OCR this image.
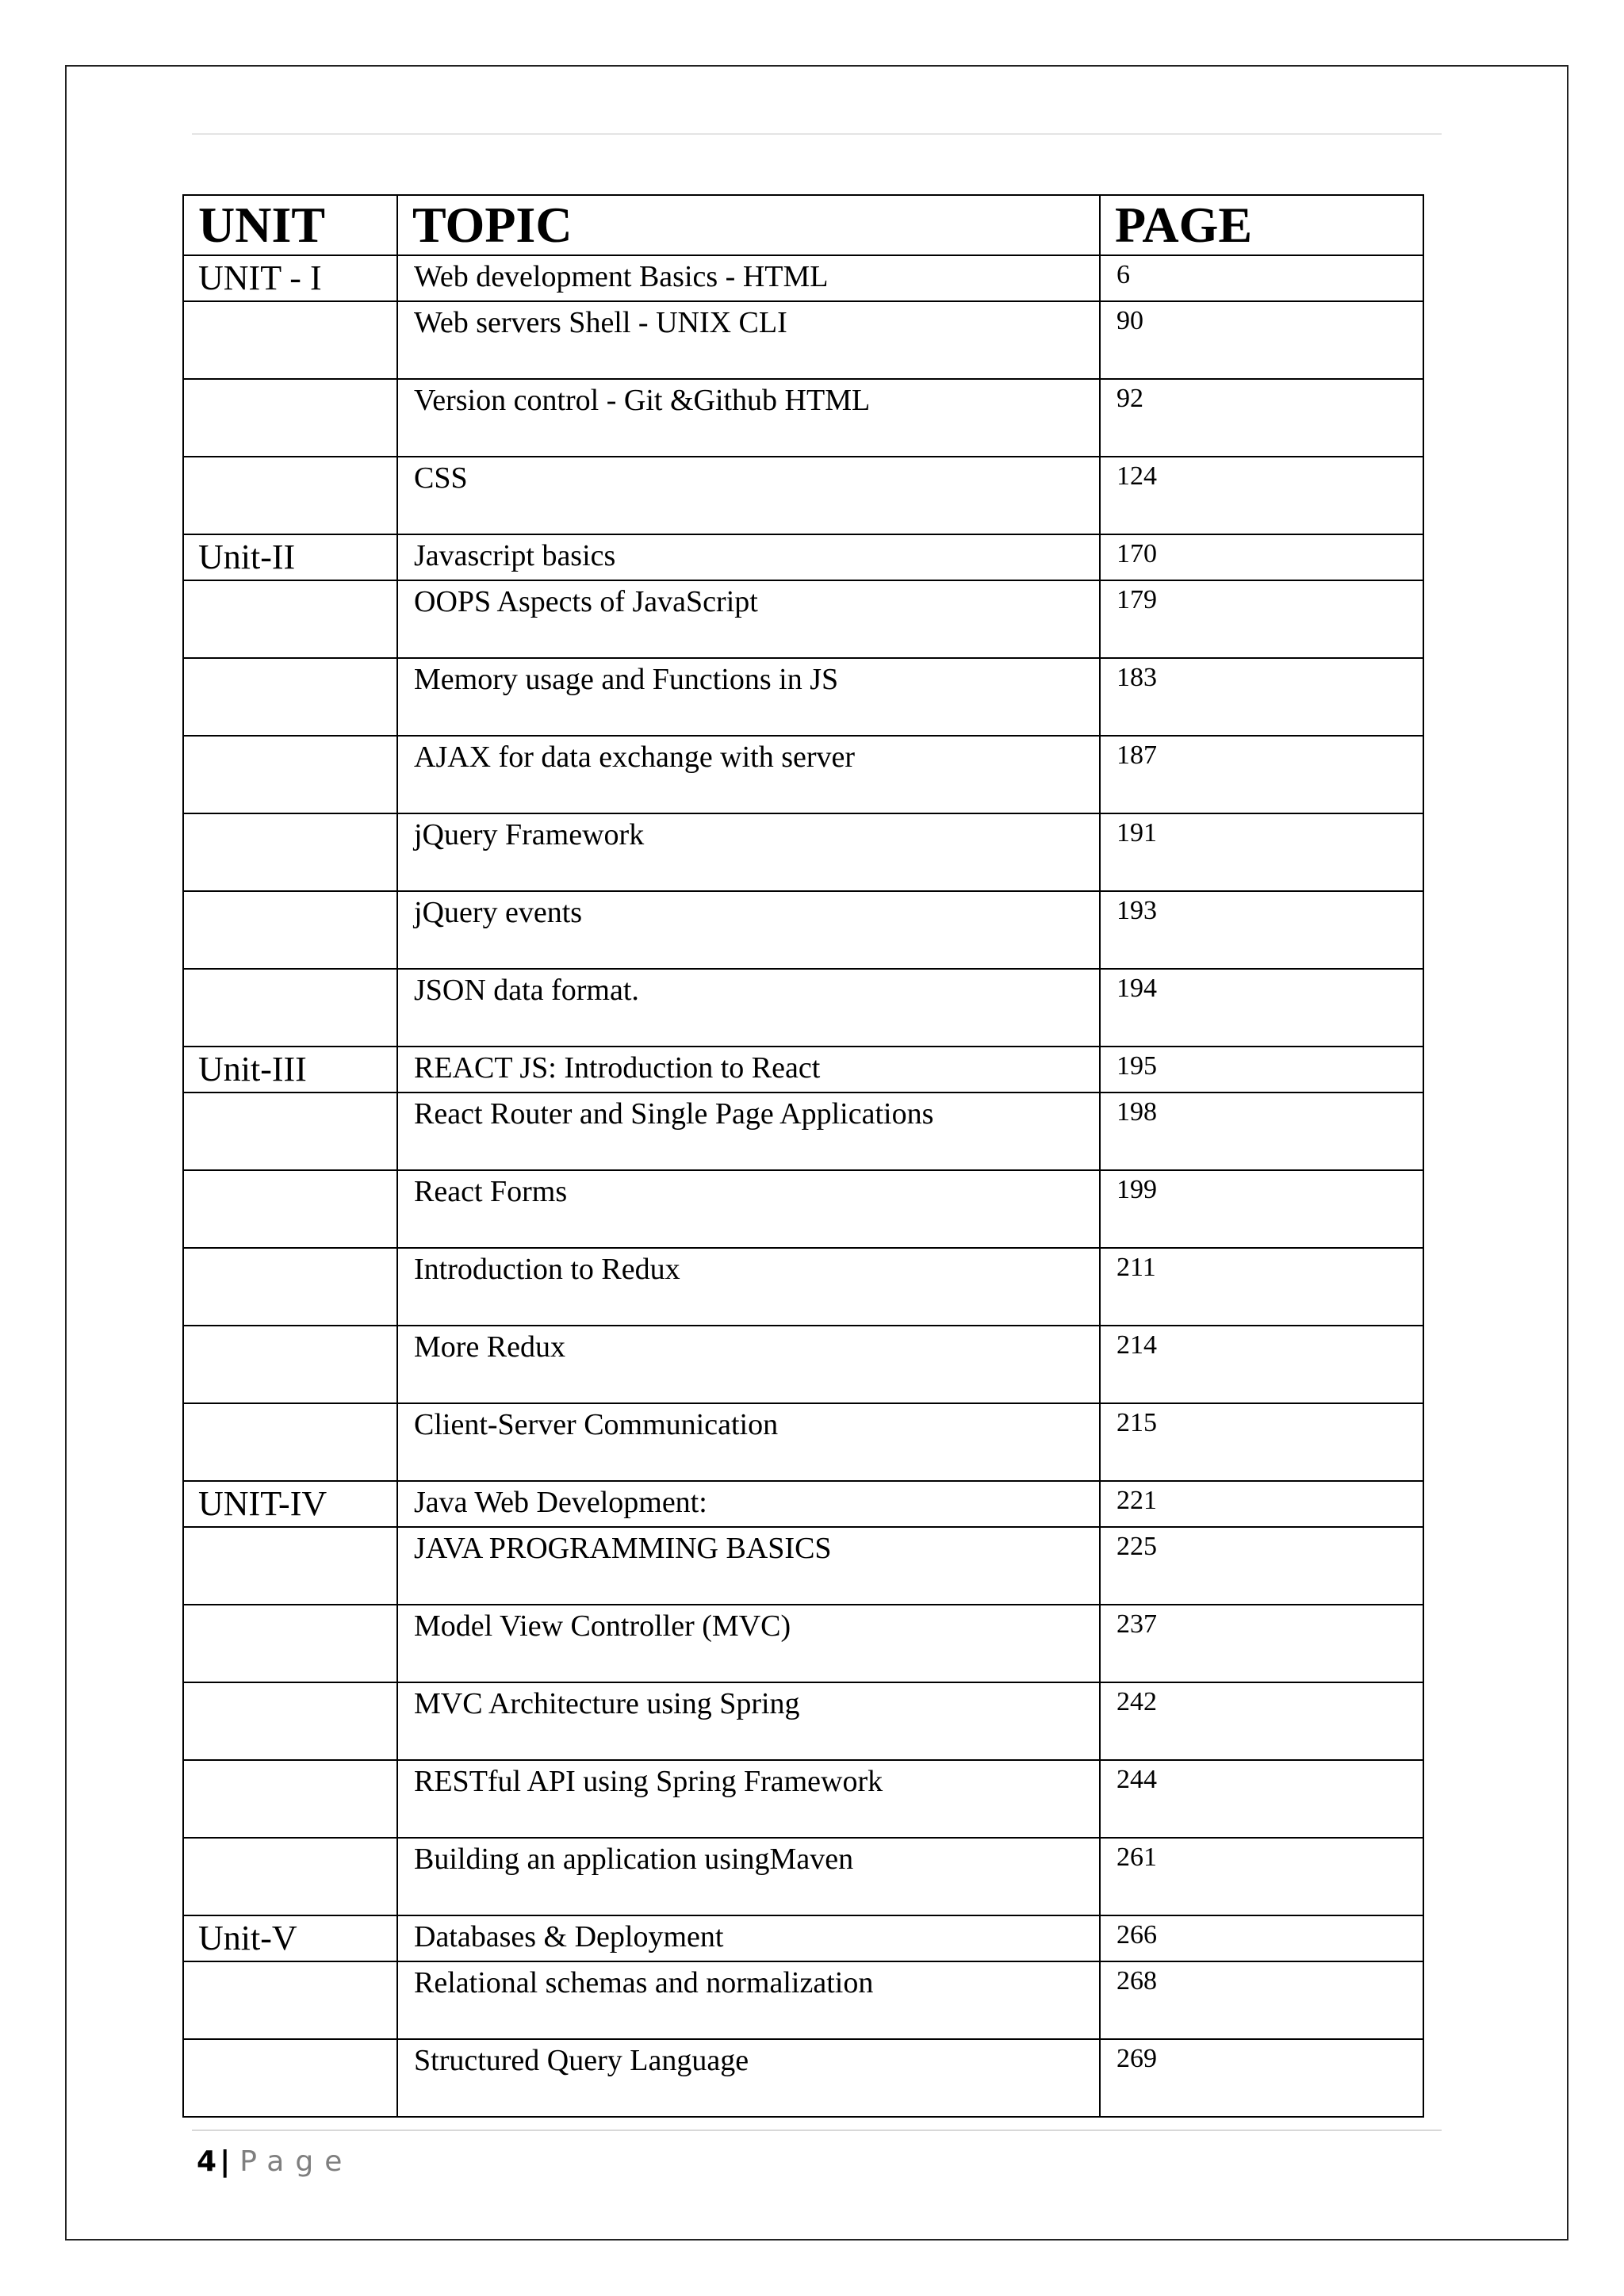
UNIT	TOPIC	PAGE
UNIT - I	Web development Basics - HTML	6
	Web servers Shell - UNIX CLI	90
	Version control - Git &Github HTML	92
	CSS	124
Unit-II	Javascript basics	170
	OOPS Aspects of JavaScript	179
	Memory usage and Functions in JS	183
	AJAX for data exchange with server	187
	jQuery Framework	191
	jQuery events	193
	JSON data format.	194
Unit-III	REACT JS: Introduction to React	195
	React Router and Single Page Applications	198
	React Forms	199
	Introduction to Redux	211
	More Redux	214
	Client-Server Communication	215
UNIT-IV	Java Web Development:	221
	JAVA PROGRAMMING BASICS	225
	Model View Controller (MVC)	237
	MVC Architecture using Spring	242
	RESTful API using Spring Framework	244
	Building an application usingMaven	261
Unit-V	Databases & Deployment	266
	Relational schemas and normalization	268
	Structured Query Language	269
4 | Page
